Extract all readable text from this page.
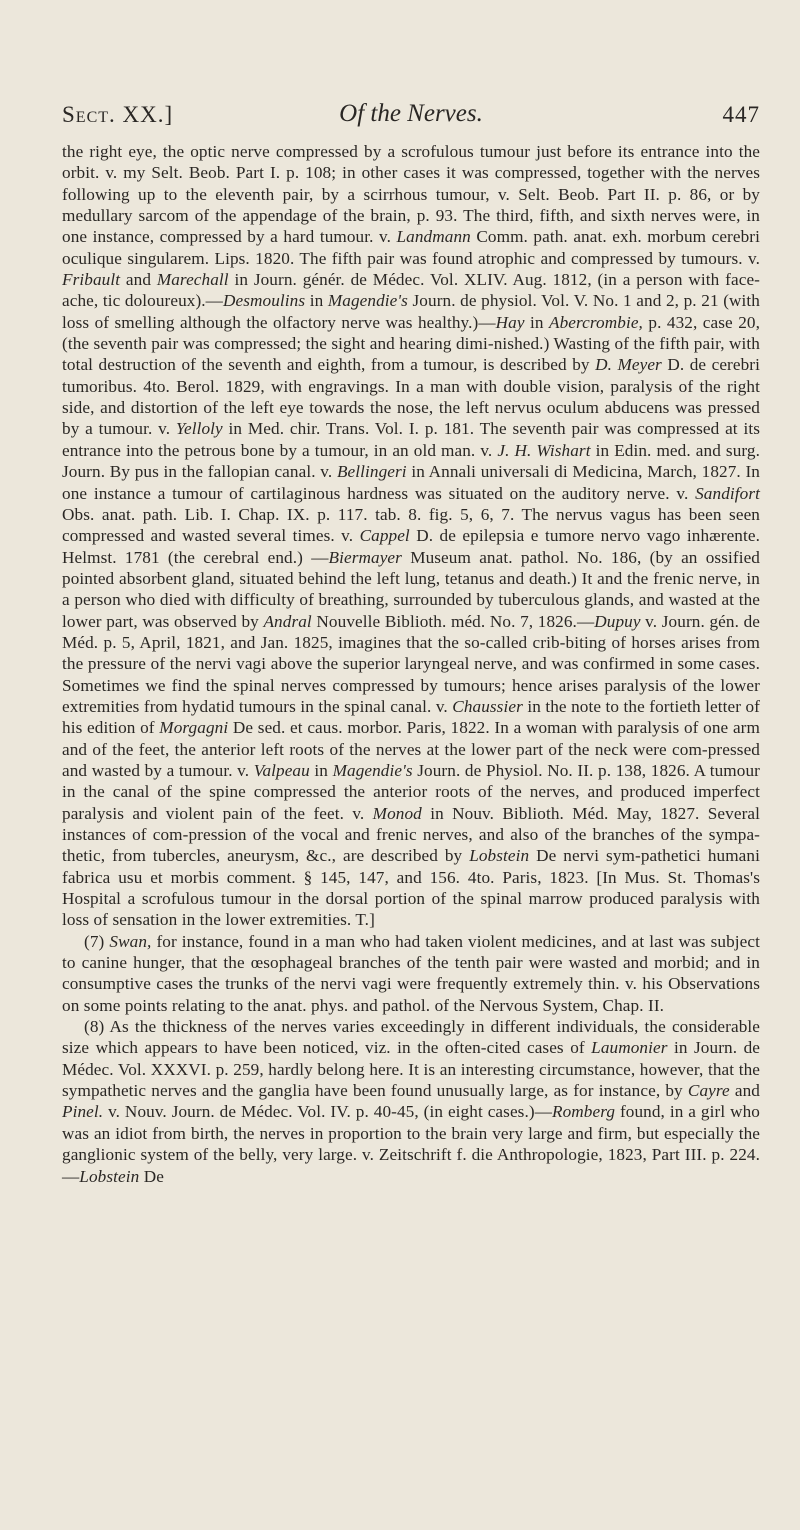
Sect. XX.]	Of the Nerves.	447

the right eye, the optic nerve compressed by a scrofulous tumour just before its entrance into the orbit. v. my Selt. Beob. Part I. p. 108; in other cases it was compressed, together with the nerves following up to the eleventh pair, by a scirrhous tumour, v. Selt. Beob. Part II. p. 86, or by medullary sarcom of the appendage of the brain, p. 93. The third, fifth, and sixth nerves were, in one instance, compressed by a hard tumour. v. Landmann Comm. path. anat. exh. morbum cerebri oculique singularem. Lips. 1820. The fifth pair was found atrophic and compressed by tumours. v. Fribault and Marechall in Journ. génér. de Médec. Vol. XLIV. Aug. 1812, (in a person with face-ache, tic doloureux).—Desmoulins in Magendie's Journ. de physiol. Vol. V. No. 1 and 2, p. 21 (with loss of smelling although the olfactory nerve was healthy.)—Hay in Abercrombie, p. 432, case 20, (the seventh pair was compressed; the sight and hearing dimi-nished.) Wasting of the fifth pair, with total destruction of the seventh and eighth, from a tumour, is described by D. Meyer D. de cerebri tumoribus. 4to. Berol. 1829, with engravings. In a man with double vision, paralysis of the right side, and distortion of the left eye towards the nose, the left nervus oculum abducens was pressed by a tumour. v. Yelloly in Med. chir. Trans. Vol. I. p. 181. The seventh pair was compressed at its entrance into the petrous bone by a tumour, in an old man. v. J. H. Wishart in Edin. med. and surg. Journ. By pus in the fallopian canal. v. Bellingeri in Annali universali di Medicina, March, 1827. In one instance a tumour of cartilaginous hardness was situated on the auditory nerve. v. Sandifort Obs. anat. path. Lib. I. Chap. IX. p. 117. tab. 8. fig. 5, 6, 7. The nervus vagus has been seen compressed and wasted several times. v. Cappel D. de epilepsia e tumore nervo vago inhærente. Helmst. 1781 (the cerebral end.) —Biermayer Museum anat. pathol. No. 186, (by an ossified pointed absorbent gland, situated behind the left lung, tetanus and death.) It and the frenic nerve, in a person who died with difficulty of breathing, surrounded by tuberculous glands, and wasted at the lower part, was observed by Andral Nouvelle Biblioth. méd. No. 7, 1826.—Dupuy v. Journ. gén. de Méd. p. 5, April, 1821, and Jan. 1825, imagines that the so-called crib-biting of horses arises from the pressure of the nervi vagi above the superior laryngeal nerve, and was confirmed in some cases. Sometimes we find the spinal nerves compressed by tumours; hence arises paralysis of the lower extremities from hydatid tumours in the spinal canal. v. Chaussier in the note to the fortieth letter of his edition of Morgagni De sed. et caus. morbor. Paris, 1822. In a woman with paralysis of one arm and of the feet, the anterior left roots of the nerves at the lower part of the neck were com-pressed and wasted by a tumour. v. Valpeau in Magendie's Journ. de Physiol. No. II. p. 138, 1826. A tumour in the canal of the spine compressed the anterior roots of the nerves, and produced imperfect paralysis and violent pain of the feet. v. Monod in Nouv. Biblioth. Méd. May, 1827. Several instances of com-pression of the vocal and frenic nerves, and also of the branches of the sympa-thetic, from tubercles, aneurysm, &c., are described by Lobstein De nervi sym-pathetici humani fabrica usu et morbis comment. § 145, 147, and 156. 4to. Paris, 1823. [In Mus. St. Thomas's Hospital a scrofulous tumour in the dorsal portion of the spinal marrow produced paralysis with loss of sensation in the lower extremities. T.]

(7) Swan, for instance, found in a man who had taken violent medicines, and at last was subject to canine hunger, that the œsophageal branches of the tenth pair were wasted and morbid; and in consumptive cases the trunks of the nervi vagi were frequently extremely thin. v. his Observations on some points relating to the anat. phys. and pathol. of the Nervous System, Chap. II.

(8) As the thickness of the nerves varies exceedingly in different individuals, the considerable size which appears to have been noticed, viz. in the often-cited cases of Laumonier in Journ. de Médec. Vol. XXXVI. p. 259, hardly belong here. It is an interesting circumstance, however, that the sympathetic nerves and the ganglia have been found unusually large, as for instance, by Cayre and Pinel. v. Nouv. Journ. de Médec. Vol. IV. p. 40-45, (in eight cases.)—Romberg found, in a girl who was an idiot from birth, the nerves in proportion to the brain very large and firm, but especially the ganglionic system of the belly, very large. v. Zeitschrift f. die Anthropologie, 1823, Part III. p. 224.—Lobstein De
